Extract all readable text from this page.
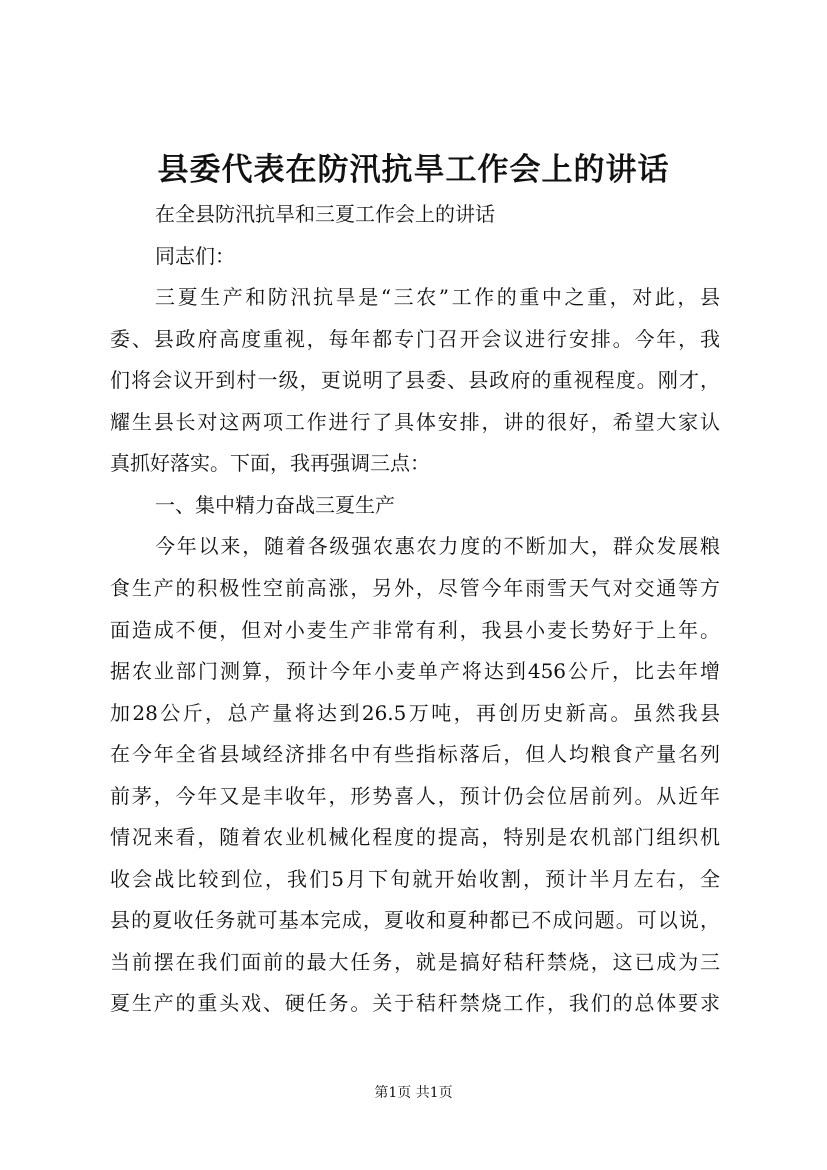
县委代表在防汛抗旱工作会上的讲话
在全县防汛抗旱和三夏工作会上的讲话
同志们：
三夏生产和防汛抗旱是“三农”工作的重中之重，对此，县
委、县政府高度重视，每年都专门召开会议进行安排。今年，我
们将会议开到村一级，更说明了县委、县政府的重视程度。刚才，
耀生县长对这两项工作进行了具体安排，讲的很好，希望大家认
真抓好落实。下面，我再强调三点：
一、集中精力奋战三夏生产
今年以来，随着各级强农惠农力度的不断加大，群众发展粮
食生产的积极性空前高涨，另外，尽管今年雨雪天气对交通等方
面造成不便，但对小麦生产非常有利，我县小麦长势好于上年。
据农业部门测算，预计今年小麦单产将达到456公斤，比去年增
加28公斤，总产量将达到26.5万吨，再创历史新高。虽然我县
在今年全省县域经济排名中有些指标落后，但人均粮食产量名列
前茅，今年又是丰收年，形势喜人，预计仍会位居前列。从近年
情况来看，随着农业机械化程度的提高，特别是农机部门组织机
收会战比较到位，我们5月下旬就开始收割，预计半月左右，全
县的夏收任务就可基本完成，夏收和夏种都已不成问题。可以说，
当前摆在我们面前的最大任务，就是搞好秸秆禁烧，这已成为三
夏生产的重头戏、硬任务。关于秸秆禁烧工作，我们的总体要求
第1页 共1页
